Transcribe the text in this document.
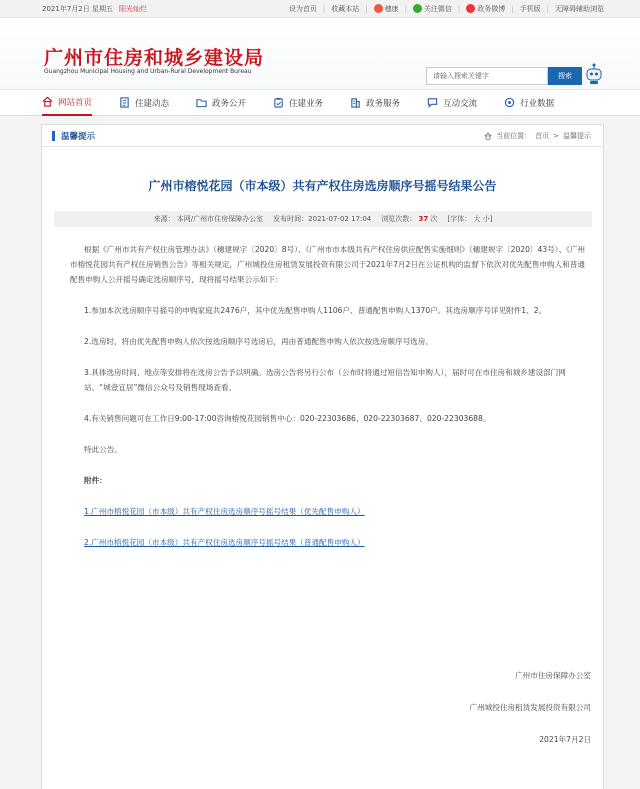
2021年7月2日 星期五 阳光灿烂	设为首页 | 收藏本站 | 穗康 | 关注微信 | 政务微博 | 手机版 | 无障碍辅助浏览
广州市住房和城乡建设局
Guangzhou Municipal Housing and Urban-Rural Development Bureau
请输入搜索关键字	搜索
网站首页	住建动态	政务公开	住建业务	政务服务	互动交流	行业数据
温馨提示	当前位置： 首页 > 温馨提示
广州市榕悦花园（市本级）共有产权住房选房顺序号摇号结果公告
来源： 本网/广州市住房保障办公室 发布时间：2021-07-02 17:04 浏览次数： 37 次 [字体： 大 小]

根据《广州市共有产权住房管理办法》（穗建规字〔2020〕8号）、《广州市市本级共有产权住房供应配售实施细则》（穗建规字〔2020〕43号）、《广州市榕悦花园共有产权住房销售公告》等相关规定，广州城投住房租赁发展投资有限公司于2021年7月2日在公证机构的监督下依次对优先配售申购人和普通配售申购人公开摇号确定选房顺序号，现将摇号结果公示如下：

1.参加本次选房顺序号摇号的申购家庭共2476户，其中优先配售申购人1106户、普通配售申购人1370户。其选房顺序号详见附件1、2。

2.选房时，将由优先配售申购人依次按选房顺序号选房后，再由普通配售申购人依次按选房顺序号选房。

3.具体选房时间、地点等安排将在选房公告予以明确。选房公告将另行公布（公布时将通过短信告知申购人），届时可在市住房和城乡建设部门网站、“城壹宜居”微信公众号及销售现场查看。

4.有关销售问题可在工作日9:00-17:00咨询榕悦花园销售中心：020-22303686、020-22303687、020-22303688。

特此公告。

附件：

1.广州市榕悦花园（市本级）共有产权住房选房顺序号摇号结果（优先配售申购人）

2.广州市榕悦花园（市本级）共有产权住房选房顺序号摇号结果（普通配售申购人）

广州市住房保障办公室
广州城投住房租赁发展投资有限公司
2021年7月2日
